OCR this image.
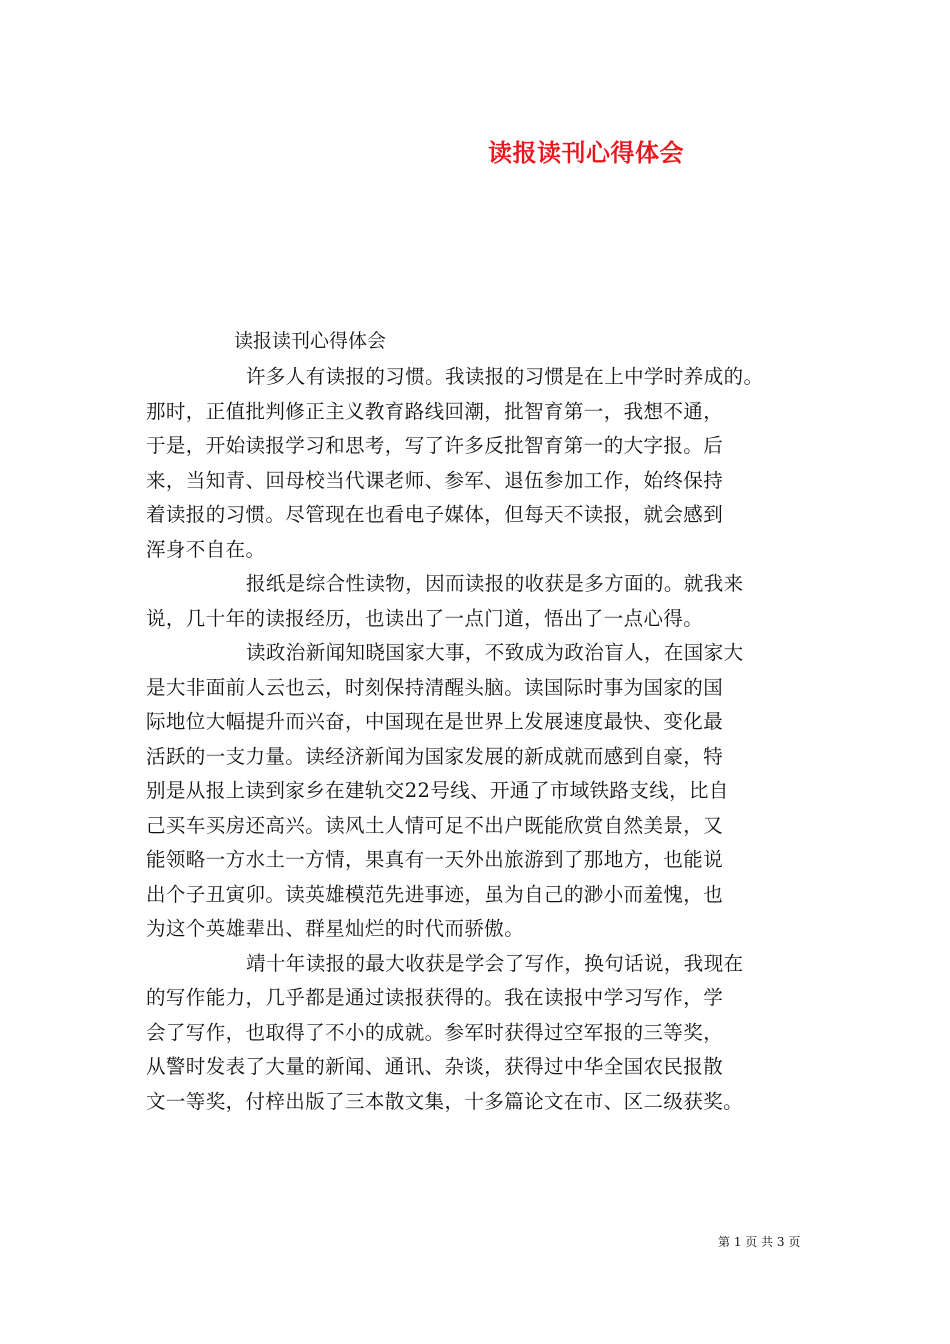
读报读刊心得体会
读报读刊心得体会
许多人有读报的习惯。我读报的习惯是在上中学时养成的。
那时，正值批判修正主义教育路线回潮，批智育第一，我想不通，
于是，开始读报学习和思考，写了许多反批智育第一的大字报。后
来，当知青、回母校当代课老师、参军、退伍参加工作，始终保持
着读报的习惯。尽管现在也看电子媒体，但每天不读报，就会感到
浑身不自在。
报纸是综合性读物，因而读报的收获是多方面的。就我来
说，几十年的读报经历，也读出了一点门道，悟出了一点心得。
读政治新闻知晓国家大事，不致成为政治盲人，在国家大
是大非面前人云也云，时刻保持清醒头脑。读国际时事为国家的国
际地位大幅提升而兴奋，中国现在是世界上发展速度最快、变化最
活跃的一支力量。读经济新闻为国家发展的新成就而感到自豪，特
别是从报上读到家乡在建轨交22号线、开通了市域铁路支线，比自
己买车买房还高兴。读风土人情可足不出户既能欣赏自然美景，又
能领略一方水土一方情，果真有一天外出旅游到了那地方，也能说
出个子丑寅卯。读英雄模范先进事迹，虽为自己的渺小而羞愧，也
为这个英雄辈出、群星灿烂的时代而骄傲。
靖十年读报的最大收获是学会了写作，换句话说，我现在
的写作能力，几乎都是通过读报获得的。我在读报中学习写作，学
会了写作，也取得了不小的成就。参军时获得过空军报的三等奖，
从警时发表了大量的新闻、通讯、杂谈，获得过中华全国农民报散
文一等奖，付梓出版了三本散文集，十多篇论文在市、区二级获奖。
第 1 页 共 3 页
